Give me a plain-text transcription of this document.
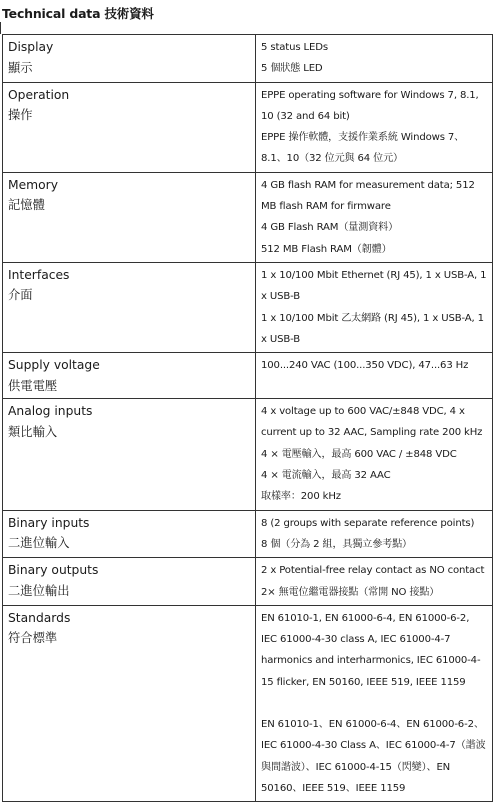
Technical data 技術資料
Display
顯示	5 status LEDs
5 個狀態 LED

Operation
操作	EPPE operating software for Windows 7, 8.1, 10 (32 and 64 bit)
EPPE 操作軟體，支援作業系統 Windows 7、8.1、10（32 位元與 64 位元）

Memory
記憶體	4 GB flash RAM for measurement data; 512 MB flash RAM for firmware
4 GB Flash RAM（量測資料）
512 MB Flash RAM（韌體）

Interfaces
介面	1 x 10/100 Mbit Ethernet (RJ 45), 1 x USB-A, 1 x USB-B
1 x 10/100 Mbit 乙太網路 (RJ 45), 1 x USB-A, 1 x USB-B

Supply voltage
供電電壓	100...240 VAC (100...350 VDC), 47...63 Hz

Analog inputs
類比輸入	4 x voltage up to 600 VAC/±848 VDC, 4 x current up to 32 AAC, Sampling rate 200 kHz
4 × 電壓輸入，最高 600 VAC / ±848 VDC
4 × 電流輸入，最高 32 AAC
取樣率：200 kHz

Binary inputs
二進位輸入	8 (2 groups with separate reference points)
8 個（分為 2 組，具獨立參考點）

Binary outputs
二進位輸出	2 x Potential-free relay contact as NO contact
2× 無電位繼電器接點（常開 NO 接點）

Standards
符合標準	EN 61010-1, EN 61000-6-4, EN 61000-6-2, IEC 61000-4-30 class A, IEC 61000-4-7 harmonics and interharmonics, IEC 61000-4-15 flicker, EN 50160, IEEE 519, IEEE 1159
EN 61010-1、EN 61000-6-4、EN 61000-6-2、IEC 61000-4-30 Class A、IEC 61000-4-7（諧波與間諧波）、IEC 61000-4-15（閃變）、EN 50160、IEEE 519、IEEE 1159
